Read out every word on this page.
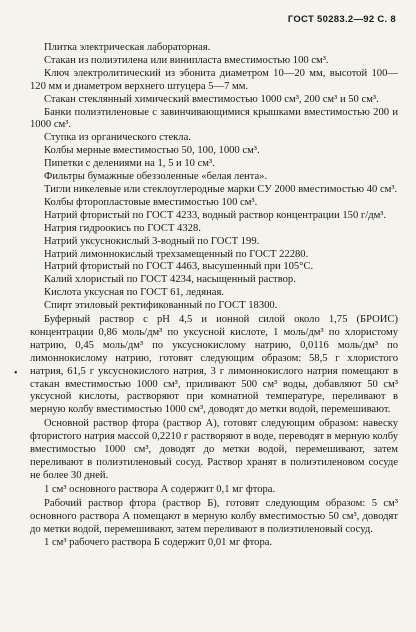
ГОСТ 50283.2—92 С. 8
•

Плитка электрическая лабораторная.

Стакан из полиэтилена или винипласта вместимостью 100 см³.

Ключ электролитический из эбонита диаметром 10—20 мм, высотой 100—120 мм и диаметром верхнего штуцера 5—7 мм.

Стакан стеклянный химический вместимостью 1000 см³, 200 см³ и 50 см³.

Банки полиэтиленовые с завинчивающимися крышками вместимостью 200 и 1000 см³.

Ступка из органического стекла.

Колбы мерные вместимостью 50, 100, 1000 см³.

Пипетки с делениями на 1, 5 и 10 см³.

Фильтры бумажные обеззоленные «белая лента».

Тигли никелевые или стеклоуглеродные марки СУ 2000 вместимостью 40 см³.

Колбы фторопластовые вместимостью 100 см³.

Натрий фтористый по ГОСТ 4233, водный раствор концентрации 150 г/дм³.

Натрия гидроокись по ГОСТ 4328.

Натрий уксуснокислый 3-водный по ГОСТ 199.

Натрий лимоннокислый трехзамещенный по ГОСТ 22280.

Натрий фтористый по ГОСТ 4463, высушенный при 105°С.

Калий хлористый по ГОСТ 4234, насыщенный раствор.

Кислота уксусная по ГОСТ 61, ледяная.

Спирт этиловый ректификованный по ГОСТ 18300.

Буферный раствор с pH 4,5 и ионной силой около 1,75 (БРОИС) концентрации 0,86 моль/дм³ по уксусной кислоте, 1 моль/дм³ по хлористому натрию, 0,45 моль/дм³ по уксуснокислому натрию, 0,0116 моль/дм³ по лимоннокислому натрию, готовят следующим образом: 58,5 г хлористого натрия, 61,5 г уксуснокислого натрия, 3 г лимоннокислого натрия помещают в стакан вместимостью 1000 см³, приливают 500 см³ воды, добавляют 50 см³ уксусной кислоты, растворяют при комнатной температуре, переливают в мерную колбу вместимостью 1000 см³, доводят до метки водой, перемешивают.

Основной раствор фтора (раствор А), готовят следующим образом: навеску фтористого натрия массой 0,2210 г растворяют в воде, переводят в мерную колбу вместимостью 1000 см³, доводят до метки водой, перемешивают, затем переливают в полиэтиленовый сосуд. Раствор хранят в полиэтиленовом сосуде не более 30 дней.

1 см³ основного раствора А содержит 0,1 мг фтора.

Рабочий раствор фтора (раствор Б), готовят следующим образом: 5 см³ основного раствора А помещают в мерную колбу вместимостью 50 см³, доводят до метки водой, перемешивают, затем переливают в полиэтиленовый сосуд.

1 см³ рабочего раствора Б содержит 0,01 мг фтора.
